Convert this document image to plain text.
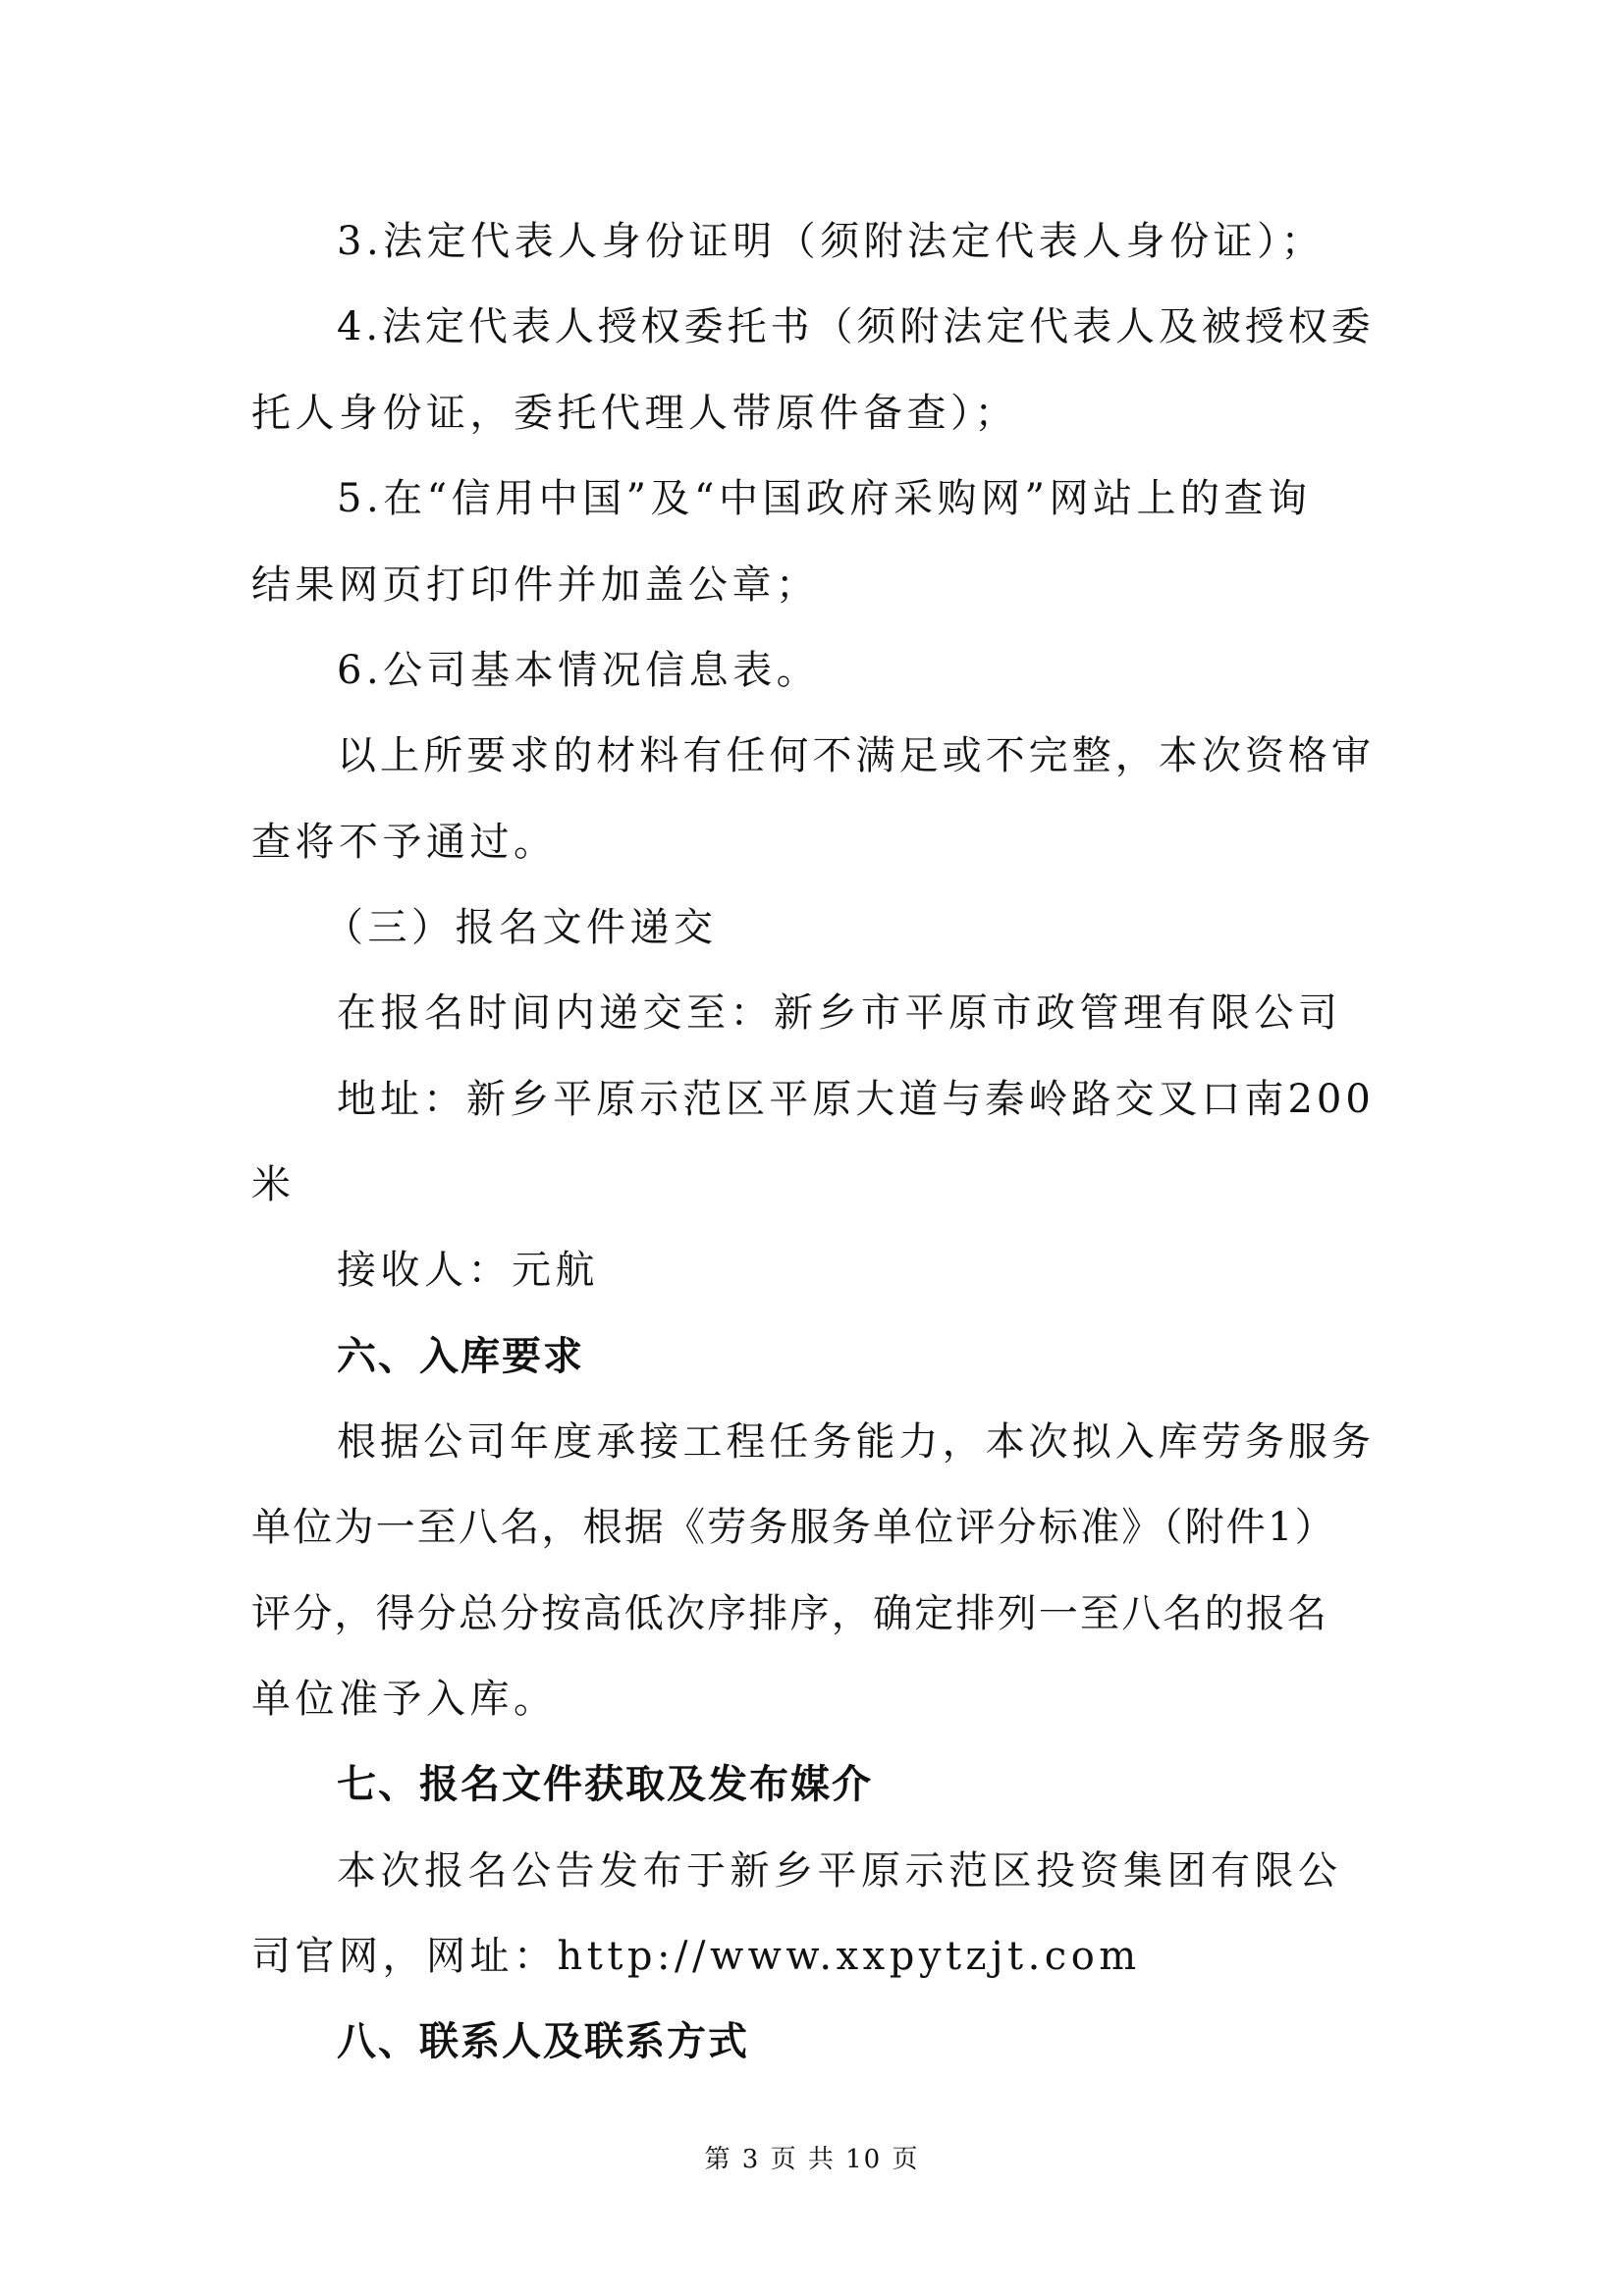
3.法定代表人身份证明（须附法定代表人身份证）；
4.法定代表人授权委托书（须附法定代表人及被授权委
托人身份证，委托代理人带原件备查）；
5.在“信用中国”及“中国政府采购网”网站上的查询
结果网页打印件并加盖公章；
6.公司基本情况信息表。
以上所要求的材料有任何不满足或不完整，本次资格审
查将不予通过。
（三）报名文件递交
在报名时间内递交至：新乡市平原市政管理有限公司
地址：新乡平原示范区平原大道与秦岭路交叉口南200
米
接收人：元航
六、入库要求
根据公司年度承接工程任务能力，本次拟入库劳务服务
单位为一至八名，根据《劳务服务单位评分标准》（附件1）
评分，得分总分按高低次序排序，确定排列一至八名的报名
单位准予入库。
七、报名文件获取及发布媒介
本次报名公告发布于新乡平原示范区投资集团有限公
司官网，网址：http://www.xxpytzjt.com
八、联系人及联系方式
第 3 页 共 10 页
